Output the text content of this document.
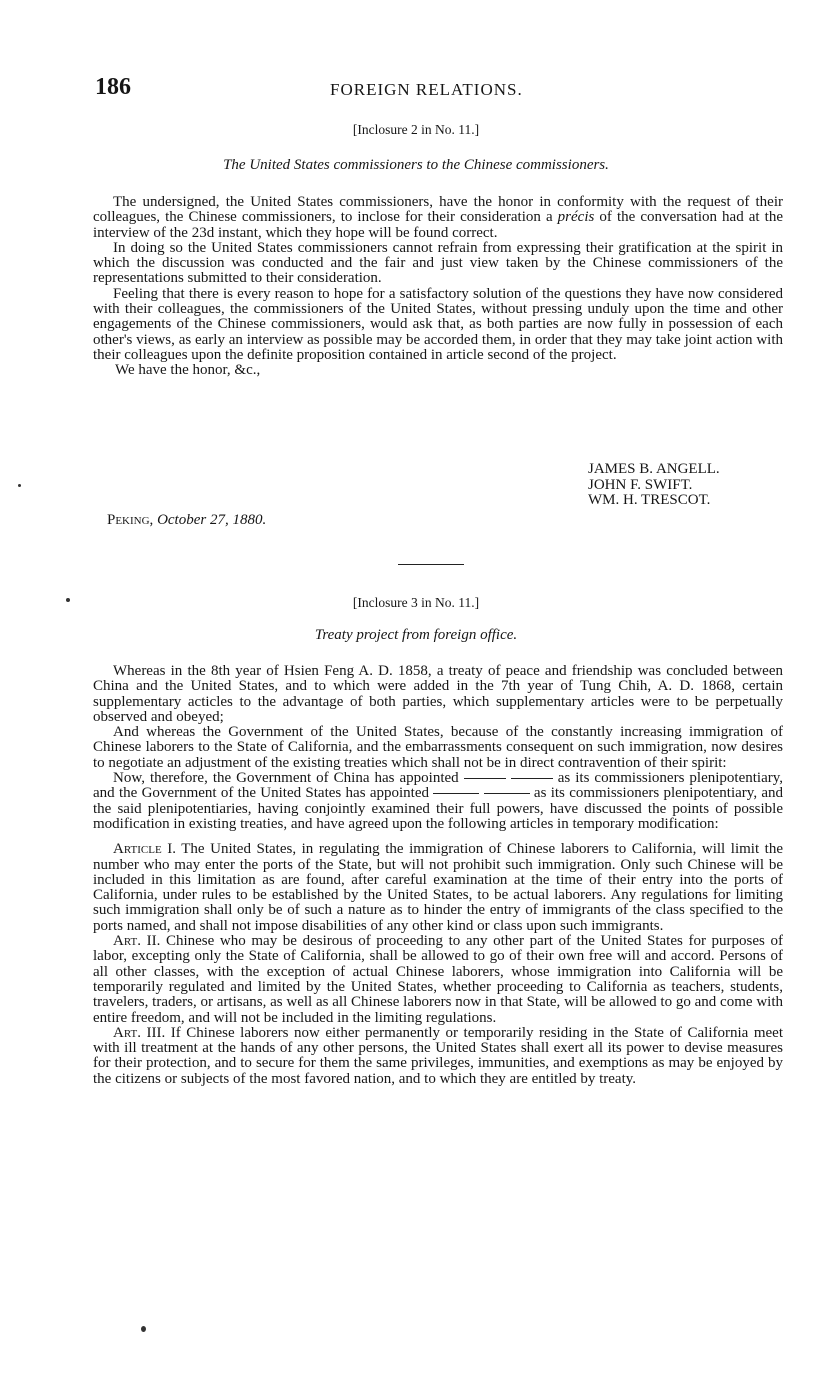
186	FOREIGN RELATIONS.
[Inclosure 2 in No. 11.]
The United States commissioners to the Chinese commissioners.

The undersigned, the United States commissioners, have the honor in conformity with the request of their colleagues, the Chinese commissioners, to inclose for their consideration a précis of the conversation had at the interview of the 23d instant, which they hope will be found correct.

In doing so the United States commissioners cannot refrain from expressing their gratification at the spirit in which the discussion was conducted and the fair and just view taken by the Chinese commissioners of the representations submitted to their consideration.

Feeling that there is every reason to hope for a satisfactory solution of the questions they have now considered with their colleagues, the commissioners of the United States, without pressing unduly upon the time and other engagements of the Chinese commissioners, would ask that, as both parties are now fully in possession of each other's views, as early an interview as possible may be accorded them, in order that they may take joint action with their colleagues upon the definite proposition contained in article second of the project.

We have the honor, &c.,

JAMES B. ANGELL.
JOHN F. SWIFT.
WM. H. TRESCOT.
Peking, October 27, 1880.
[Inclosure 3 in No. 11.]
Treaty project from foreign office.

Whereas in the 8th year of Hsien Feng A. D. 1858, a treaty of peace and friendship was concluded between China and the United States, and to which were added in the 7th year of Tung Chih, A. D. 1868, certain supplementary acticles to the advantage of both parties, which supplementary articles were to be perpetually observed and obeyed;

And whereas the Government of the United States, because of the constantly increasing immigration of Chinese laborers to the State of California, and the embarrassments consequent on such immigration, now desires to negotiate an adjustment of the existing treaties which shall not be in direct contravention of their spirit:

Now, therefore, the Government of China has appointed	as its commissioners plenipotentiary, and the Government of the United States has appointed	as its commissioners plenipotentiary, and the said plenipotentiaries, having conjointly examined their full powers, have discussed the points of possible modification in existing treaties, and have agreed upon the following articles in temporary modification:

Article I. The United States, in regulating the immigration of Chinese laborers to California, will limit the number who may enter the ports of the State, but will not prohibit such immigration. Only such Chinese will be included in this limitation as are found, after careful examination at the time of their entry into the ports of California, under rules to be established by the United States, to be actual laborers. Any regulations for limiting such immigration shall only be of such a nature as to hinder the entry of immigrants of the class specified to the ports named, and shall not impose disabilities of any other kind or class upon such immigrants.

Art. II. Chinese who may be desirous of proceeding to any other part of the United States for purposes of labor, excepting only the State of California, shall be allowed to go of their own free will and accord. Persons of all other classes, with the exception of actual Chinese laborers, whose immigration into California will be temporarily regulated and limited by the United States, whether proceeding to California as teachers, students, travelers, traders, or artisans, as well as all Chinese laborers now in that State, will be allowed to go and come with entire freedom, and will not be included in the limiting regulations.

Art. III. If Chinese laborers now either permanently or temporarily residing in the State of California meet with ill treatment at the hands of any other persons, the United States shall exert all its power to devise measures for their protection, and to secure for them the same privileges, immunities, and exemptions as may be enjoyed by the citizens or subjects of the most favored nation, and to which they are entitled by treaty.
